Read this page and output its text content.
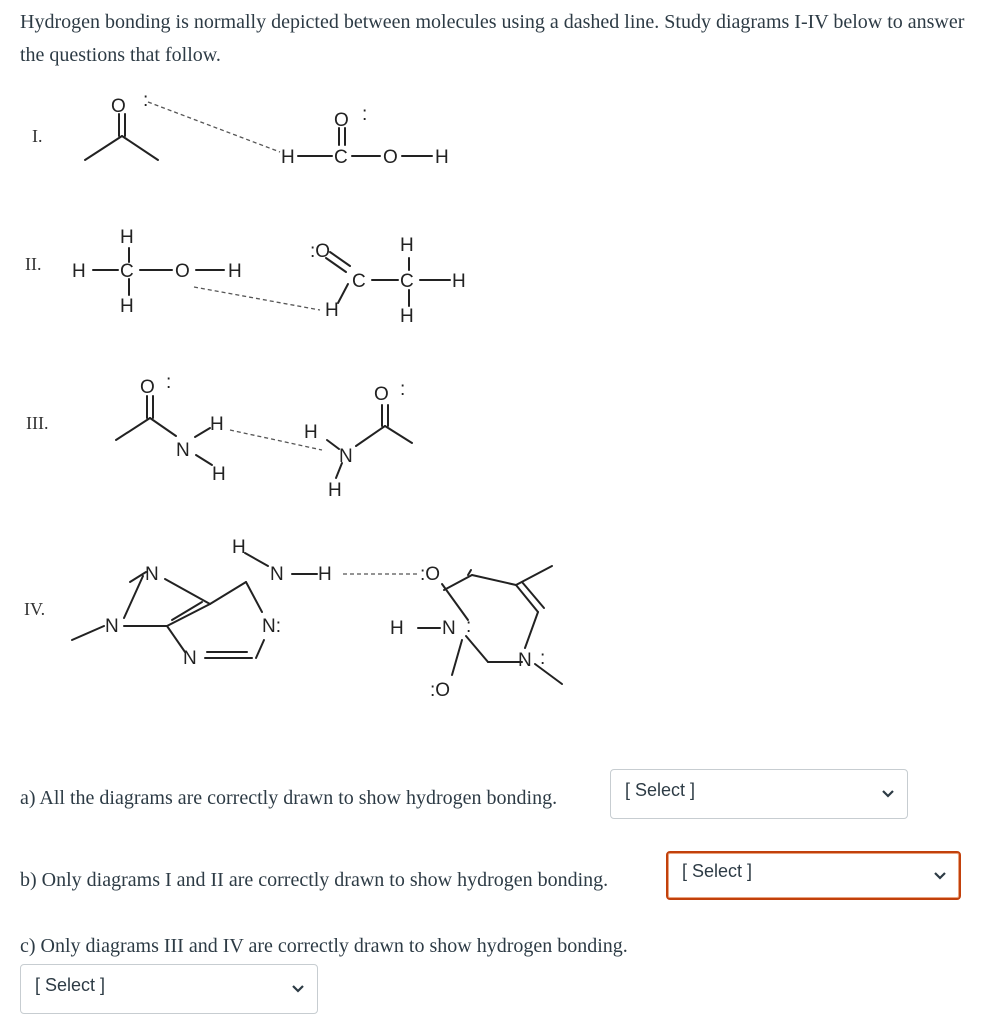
Hydrogen bonding is normally depicted between molecules using a dashed line. Study diagrams I-IV below to answer the questions that follow.
O :
H C
O :
O H
H C
H
H
O H
:O
C
H
C
H
H
H
O :
N
H
H
H
N
H
O :
N
N
N
H
N
N:
H	:O
H N :
N :
:O
I.
II.
III.
IV.
a) All the diagrams are correctly drawn to show hydrogen bonding.	[ Select ]
b) Only diagrams I and II are correctly drawn to show hydrogen bonding.	[ Select ]
c) Only diagrams III and IV are correctly drawn to show hydrogen bonding.
[ Select ]
